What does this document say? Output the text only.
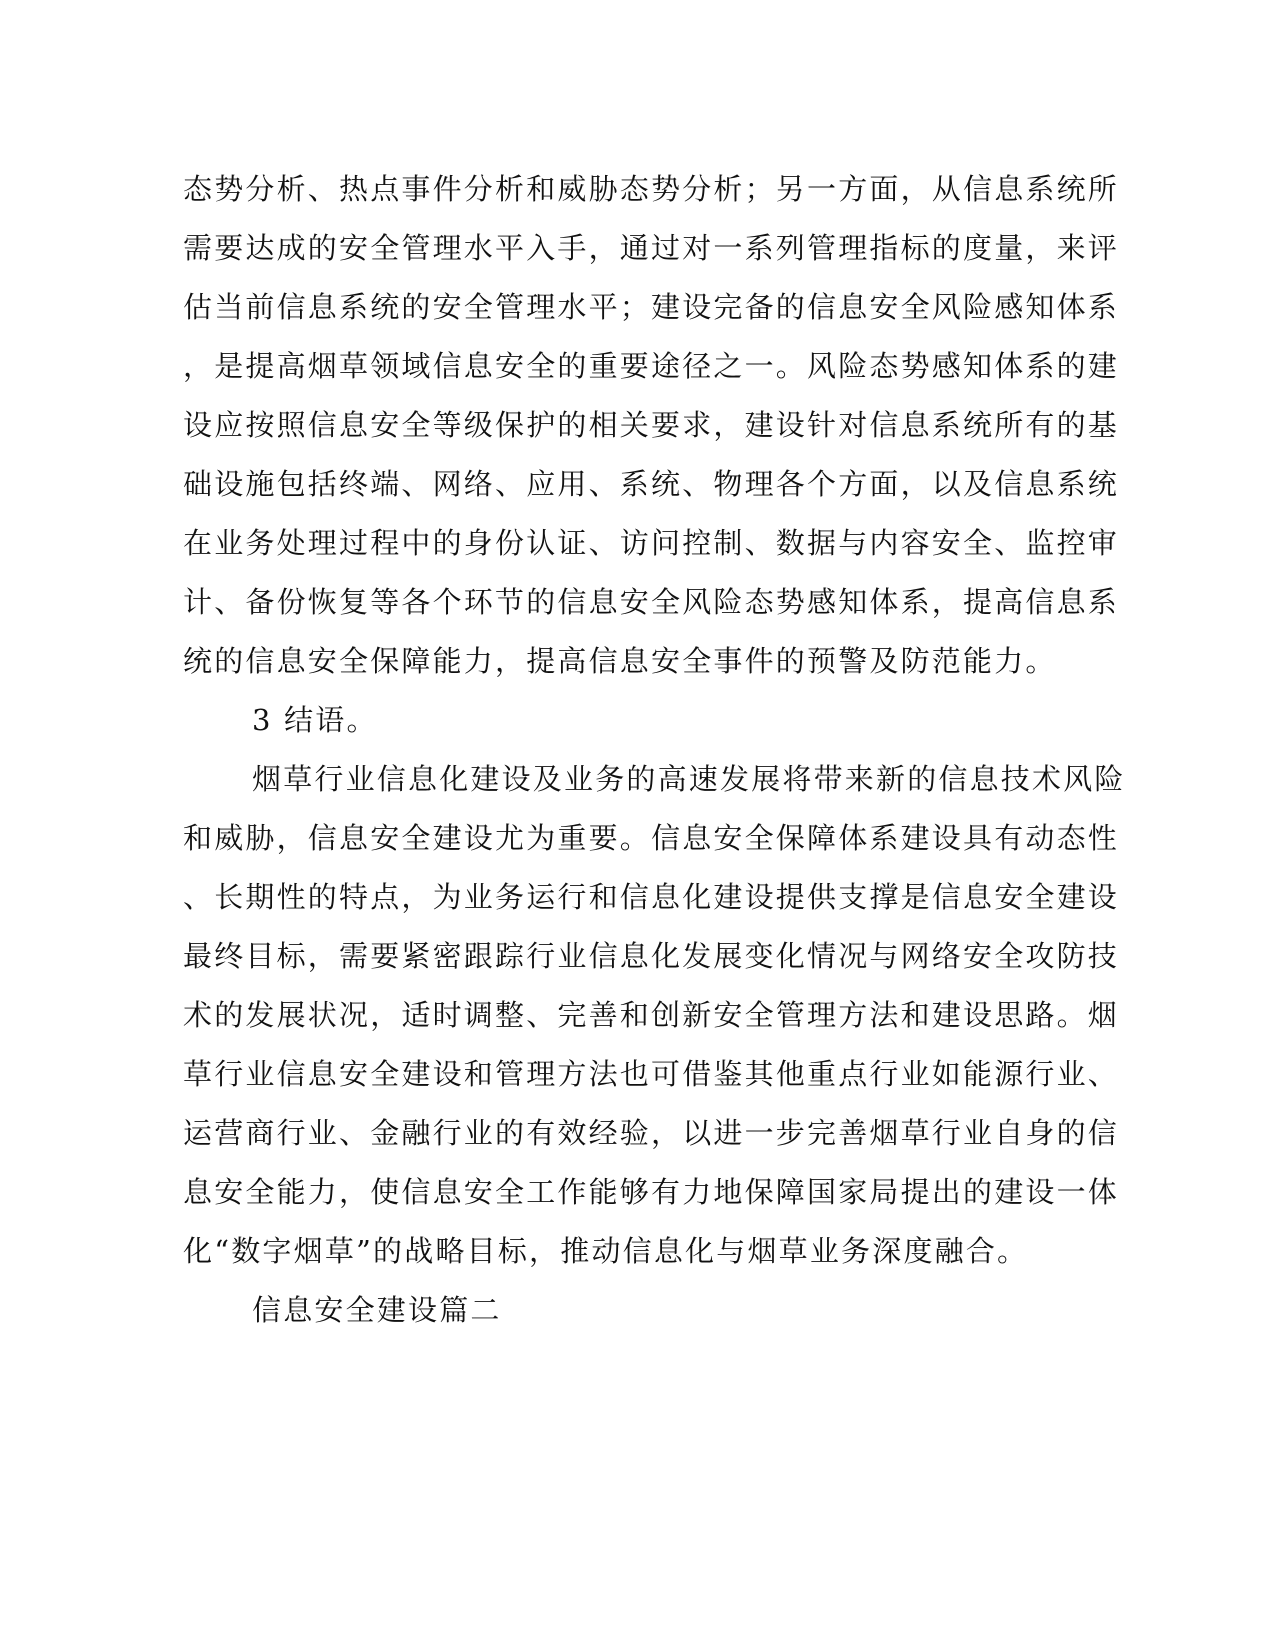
态势分析、热点事件分析和威胁态势分析；另一方面，从信息系统所
需要达成的安全管理水平入手，通过对一系列管理指标的度量，来评
估当前信息系统的安全管理水平；建设完备的信息安全风险感知体系
，是提高烟草领域信息安全的重要途径之一。风险态势感知体系的建
设应按照信息安全等级保护的相关要求，建设针对信息系统所有的基
础设施包括终端、网络、应用、系统、物理各个方面，以及信息系统
在业务处理过程中的身份认证、访问控制、数据与内容安全、监控审
计、备份恢复等各个环节的信息安全风险态势感知体系，提高信息系
统的信息安全保障能力，提高信息安全事件的预警及防范能力。
3 结语。
烟草行业信息化建设及业务的高速发展将带来新的信息技术风险
和威胁，信息安全建设尤为重要。信息安全保障体系建设具有动态性
、长期性的特点，为业务运行和信息化建设提供支撑是信息安全建设
最终目标，需要紧密跟踪行业信息化发展变化情况与网络安全攻防技
术的发展状况，适时调整、完善和创新安全管理方法和建设思路。烟
草行业信息安全建设和管理方法也可借鉴其他重点行业如能源行业、
运营商行业、金融行业的有效经验，以进一步完善烟草行业自身的信
息安全能力，使信息安全工作能够有力地保障国家局提出的建设一体
化“数字烟草”的战略目标，推动信息化与烟草业务深度融合。
信息安全建设篇二
